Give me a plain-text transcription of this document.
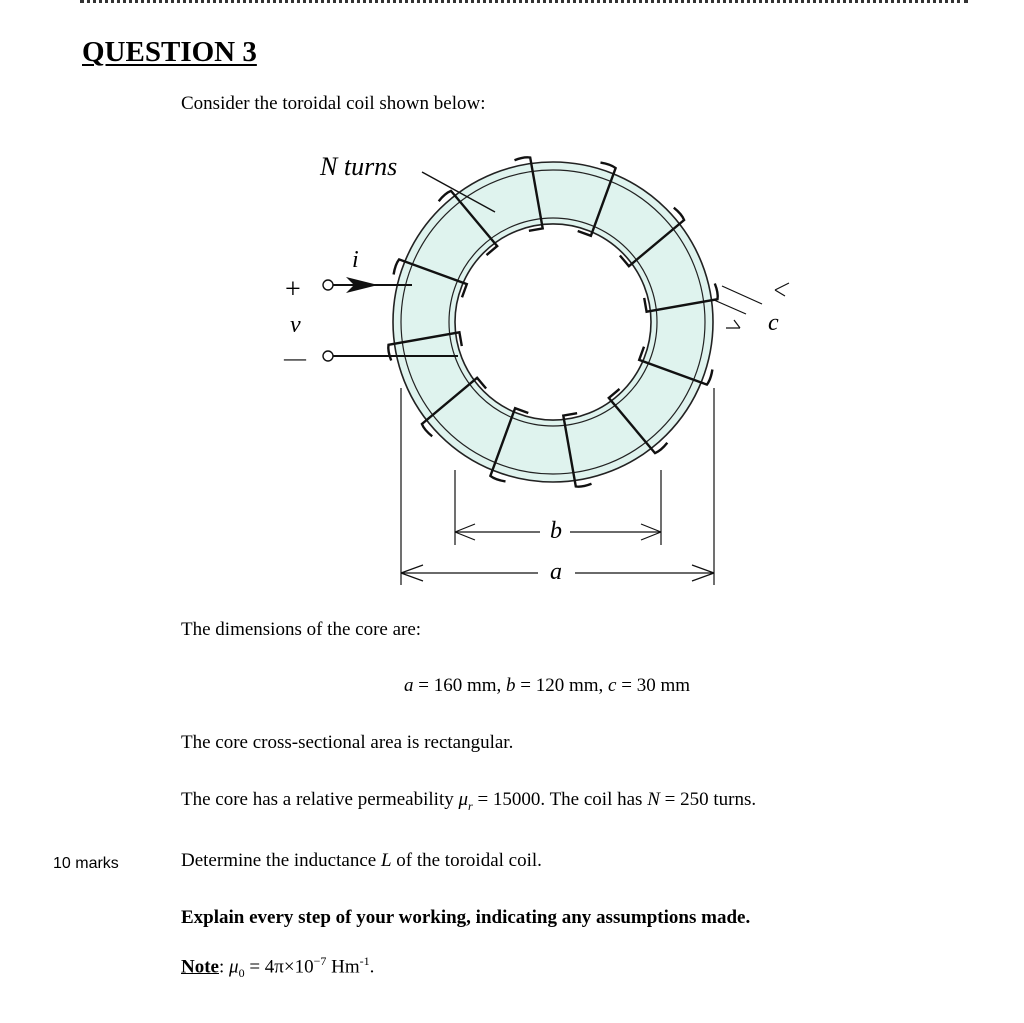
QUESTION 3
Consider the toroidal coil shown below:
N turns
i
+
v
—
c
b
a
The dimensions of the core are:
a = 160 mm, b = 120 mm, c = 30 mm
The core cross-sectional area is rectangular.
The core has a relative permeability $\mu_r = 15000$. The coil has N = 250 turns.
10 marks	Determine the inductance L of the toroidal coil.
Explain every step of your working, indicating any assumptions made.
Note: $\mu_0 = 4\pi\times 10^{-7}$ $Hm^{-1}$.
